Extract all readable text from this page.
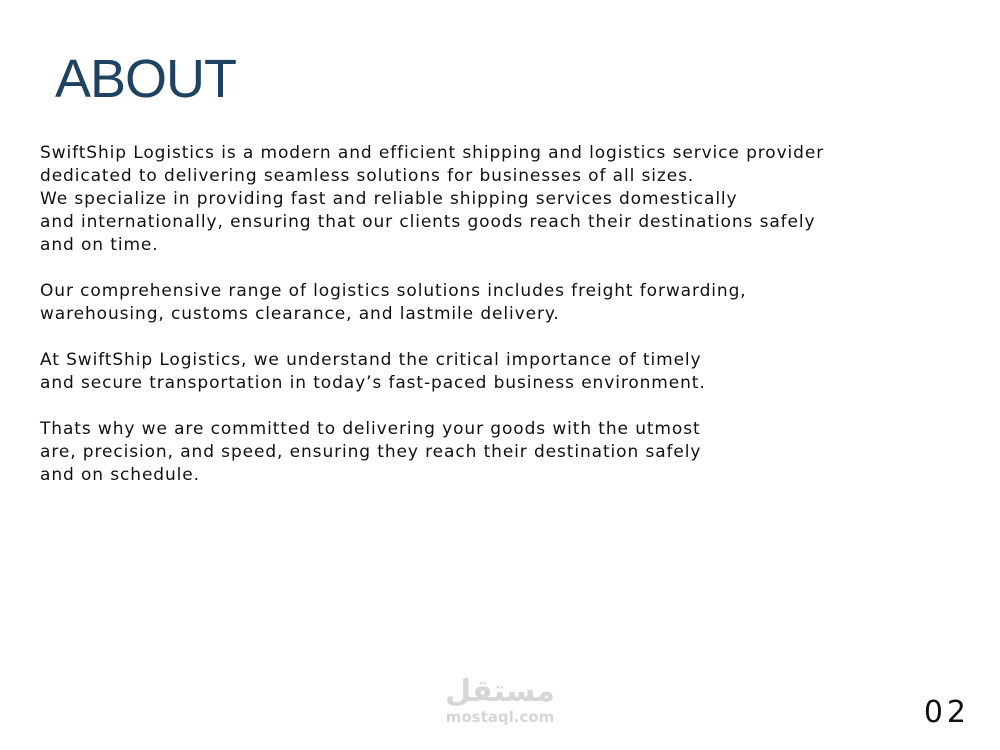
ABOUT

SwiftShip Logistics is a modern and efficient shipping and logistics service provider
dedicated to delivering seamless solutions for businesses of all sizes.
We specialize in providing fast and reliable shipping services domestically
and internationally, ensuring that our clients goods reach their destinations safely
and on time.

Our comprehensive range of logistics solutions includes freight forwarding,
warehousing, customs clearance, and lastmile delivery.

At SwiftShip Logistics, we understand the critical importance of timely
and secure transportation in today’s fast‐paced business environment.

Thats why we are committed to delivering your goods with the utmost
are, precision, and speed, ensuring they reach their destination safely
and on schedule.

مستقل
mostaql.com	02
